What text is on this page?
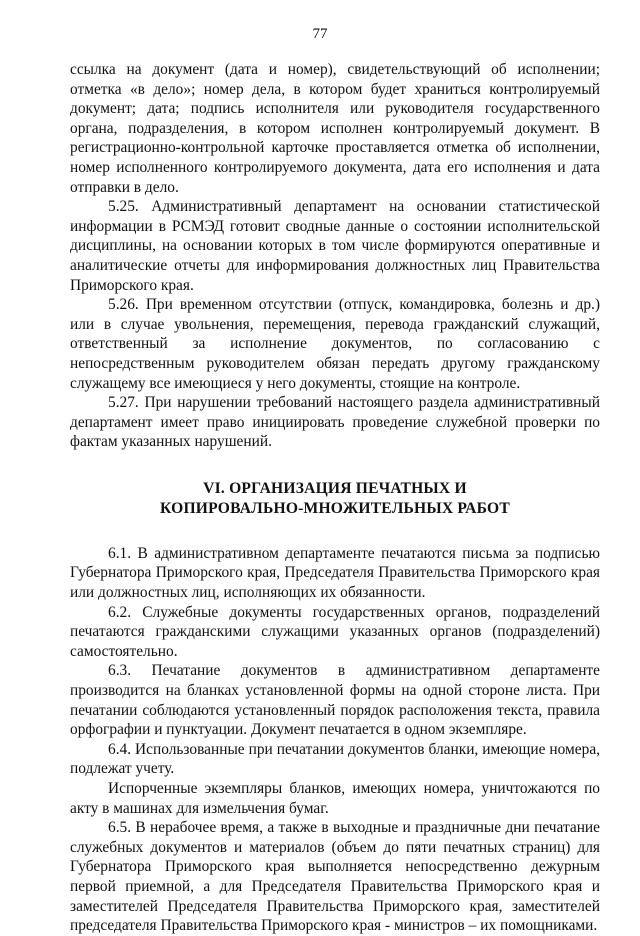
77

ссылка на документ (дата и номер), свидетельствующий об исполнении; отметка «в дело»; номер дела, в котором будет храниться контролируемый документ; дата; подпись исполнителя или руководителя государственного органа, подразделения, в котором исполнен контролируемый документ. В регистрационно-контрольной карточке проставляется отметка об исполнении, номер исполненного контролируемого документа, дата его исполнения и дата отправки в дело.

5.25. Административный департамент на основании статистической информации в РСМЭД готовит сводные данные о состоянии исполнительской дисциплины, на основании которых в том числе формируются оперативные и аналитические отчеты для информирования должностных лиц Правительства Приморского края.

5.26. При временном отсутствии (отпуск, командировка, болезнь и др.) или в случае увольнения, перемещения, перевода гражданский служащий, ответственный за исполнение документов, по согласованию с непосредственным руководителем обязан передать другому гражданскому служащему все имеющиеся у него документы, стоящие на контроле.

5.27. При нарушении требований настоящего раздела административный департамент имеет право инициировать проведение служебной проверки по фактам указанных нарушений.

VI. ОРГАНИЗАЦИЯ ПЕЧАТНЫХ И
КОПИРОВАЛЬНО-МНОЖИТЕЛЬНЫХ РАБОТ

6.1. В административном департаменте печатаются письма за подписью Губернатора Приморского края, Председателя Правительства Приморского края или должностных лиц, исполняющих их обязанности.

6.2. Служебные документы государственных органов, подразделений печатаются гражданскими служащими указанных органов (подразделений) самостоятельно.

6.3. Печатание документов в административном департаменте производится на бланках установленной формы на одной стороне листа. При печатании соблюдаются установленный порядок расположения текста, правила орфографии и пунктуации. Документ печатается в одном экземпляре.

6.4. Использованные при печатании документов бланки, имеющие номера, подлежат учету.

Испорченные экземпляры бланков, имеющих номера, уничтожаются по акту в машинах для измельчения бумаг.

6.5. В нерабочее время, а также в выходные и праздничные дни печатание служебных документов и материалов (объем до пяти печатных страниц) для Губернатора Приморского края выполняется непосредственно дежурным первой приемной, а для Председателя Правительства Приморского края и заместителей Председателя Правительства Приморского края, заместителей председателя Правительства Приморского края - министров – их помощниками.
